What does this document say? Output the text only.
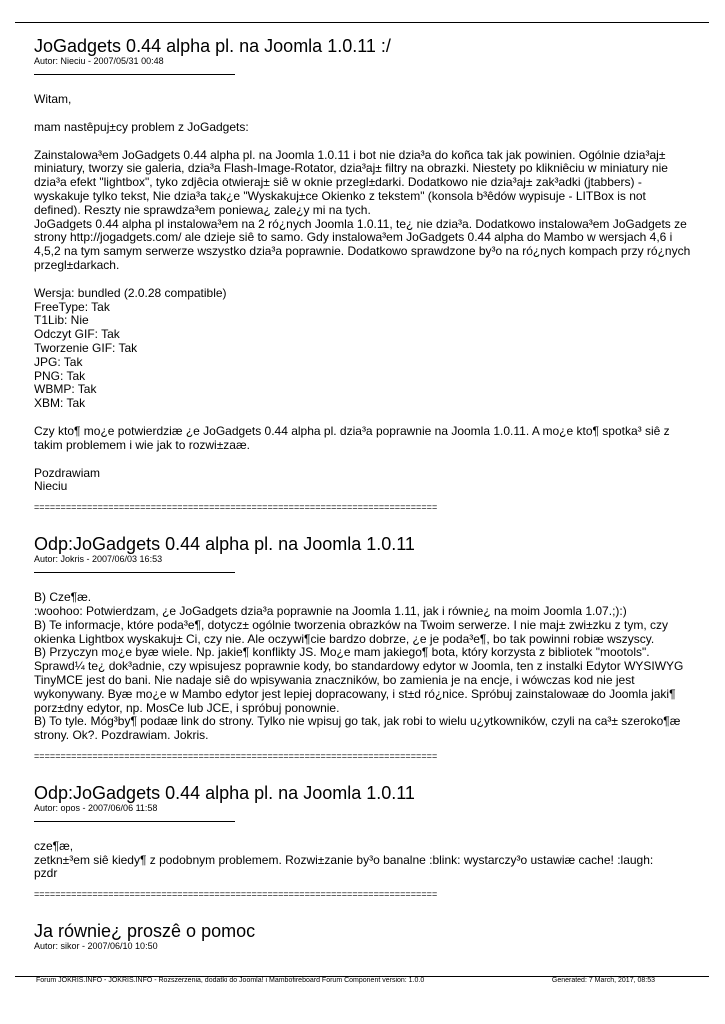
JoGadgets 0.44 alpha pl. na Joomla 1.0.11 :/
Autor: Nieciu - 2007/05/31 00:48

Witam,

mam nastêpuj±cy problem z JoGadgets:

Zainstalowa³em JoGadgets 0.44 alpha pl. na Joomla 1.0.11 i bot nie dzia³a do koñca tak jak powinien. Ogólnie dzia³aj± miniatury, tworzy sie galeria, dzia³a Flash-Image-Rotator, dzia³aj± filtry na obrazki. Niestety po klikniêciu w miniatury nie dzia³a efekt "lightbox", tyko zdjêcia otwieraj± siê w oknie przegl±darki. Dodatkowo nie dzia³aj± zak³adki (jtabbers) - wyskakuje tylko tekst, Nie dzia³a tak¿e "Wyskakuj±ce Okienko z tekstem" (konsola b³êdów wypisuje - LITBox is not defined). Reszty nie sprawdza³em poniewa¿ zale¿y mi na tych.
JoGadgets 0.44 alpha pl instalowa³em na 2 ró¿nych Joomla 1.0.11, te¿ nie dzia³a. Dodatkowo instalowa³em JoGadgets ze strony http://jogadgets.com/ ale dzieje siê to samo. Gdy instalowa³em JoGadgets 0.44 alpha do Mambo w wersjach 4,6 i 4,5,2 na tym samym serwerze wszystko dzia³a poprawnie. Dodatkowo sprawdzone by³o na ró¿nych kompach przy ró¿nych przegl±darkach.

Wersja: bundled (2.0.28 compatible)
FreeType: Tak
T1Lib: Nie
Odczyt GIF: Tak
Tworzenie GIF: Tak
JPG: Tak
PNG: Tak
WBMP: Tak
XBM: Tak

Czy kto¶ mo¿e potwierdziæ ¿e JoGadgets 0.44 alpha pl. dzia³a poprawnie na Joomla 1.0.11. A mo¿e kto¶ spotka³ siê z takim problemem i wie jak to rozwi±zaæ.

Pozdrawiam
Nieciu

============================================================================
Odp:JoGadgets 0.44 alpha pl. na Joomla 1.0.11
Autor: Jokris - 2007/06/03 16:53

B) Cze¶æ.
:woohoo: Potwierdzam, ¿e JoGadgets dzia³a poprawnie na Joomla 1.11, jak i równie¿ na moim Joomla 1.07.;):)
B) Te informacje, które poda³e¶, dotycz± ogólnie tworzenia obrazków na Twoim serwerze. I nie maj± zwi±zku z tym, czy okienka Lightbox wyskakuj± Ci, czy nie. Ale oczywi¶cie bardzo dobrze, ¿e je poda³e¶, bo tak powinni robiæ wszyscy.
B) Przyczyn mo¿e byæ wiele. Np. jakie¶ konflikty JS. Mo¿e mam jakiego¶ bota, który korzysta z bibliotek "mootols". Sprawd¼ te¿ dok³adnie, czy wpisujesz poprawnie kody, bo standardowy edytor w Joomla, ten z instalki Edytor WYSIWYG TinyMCE jest do bani. Nie nadaje siê do wpisywania znaczników, bo zamienia je na encje, i wówczas kod nie jest wykonywany. Byæ mo¿e w Mambo edytor jest lepiej dopracowany, i st±d ró¿nice. Spróbuj zainstalowaæ do Joomla jaki¶ porz±dny edytor, np. MosCe lub JCE, i spróbuj ponownie.
B) To tyle. Móg³by¶ podaæ link do strony. Tylko nie wpisuj go tak, jak robi to wielu u¿ytkowników, czyli na ca³± szeroko¶æ strony. Ok?. Pozdrawiam. Jokris.

============================================================================
Odp:JoGadgets 0.44 alpha pl. na Joomla 1.0.11
Autor: opos - 2007/06/06 11:58

cze¶æ,
zetkn±³em siê kiedy¶ z podobnym problemem. Rozwi±zanie by³o banalne :blink: wystarczy³o ustawiæ cache! :laugh:
pzdr

============================================================================
Ja równie¿ proszê o pomoc
Autor: sikor - 2007/06/10 10:50
Forum JOKRIS.INFO - JOKRIS.INFO - Rozszerzenia, dodatki do Joomla! i Mambofireboard Forum Component version: 1.0.0	Generated: 7 March, 2017, 08:53
